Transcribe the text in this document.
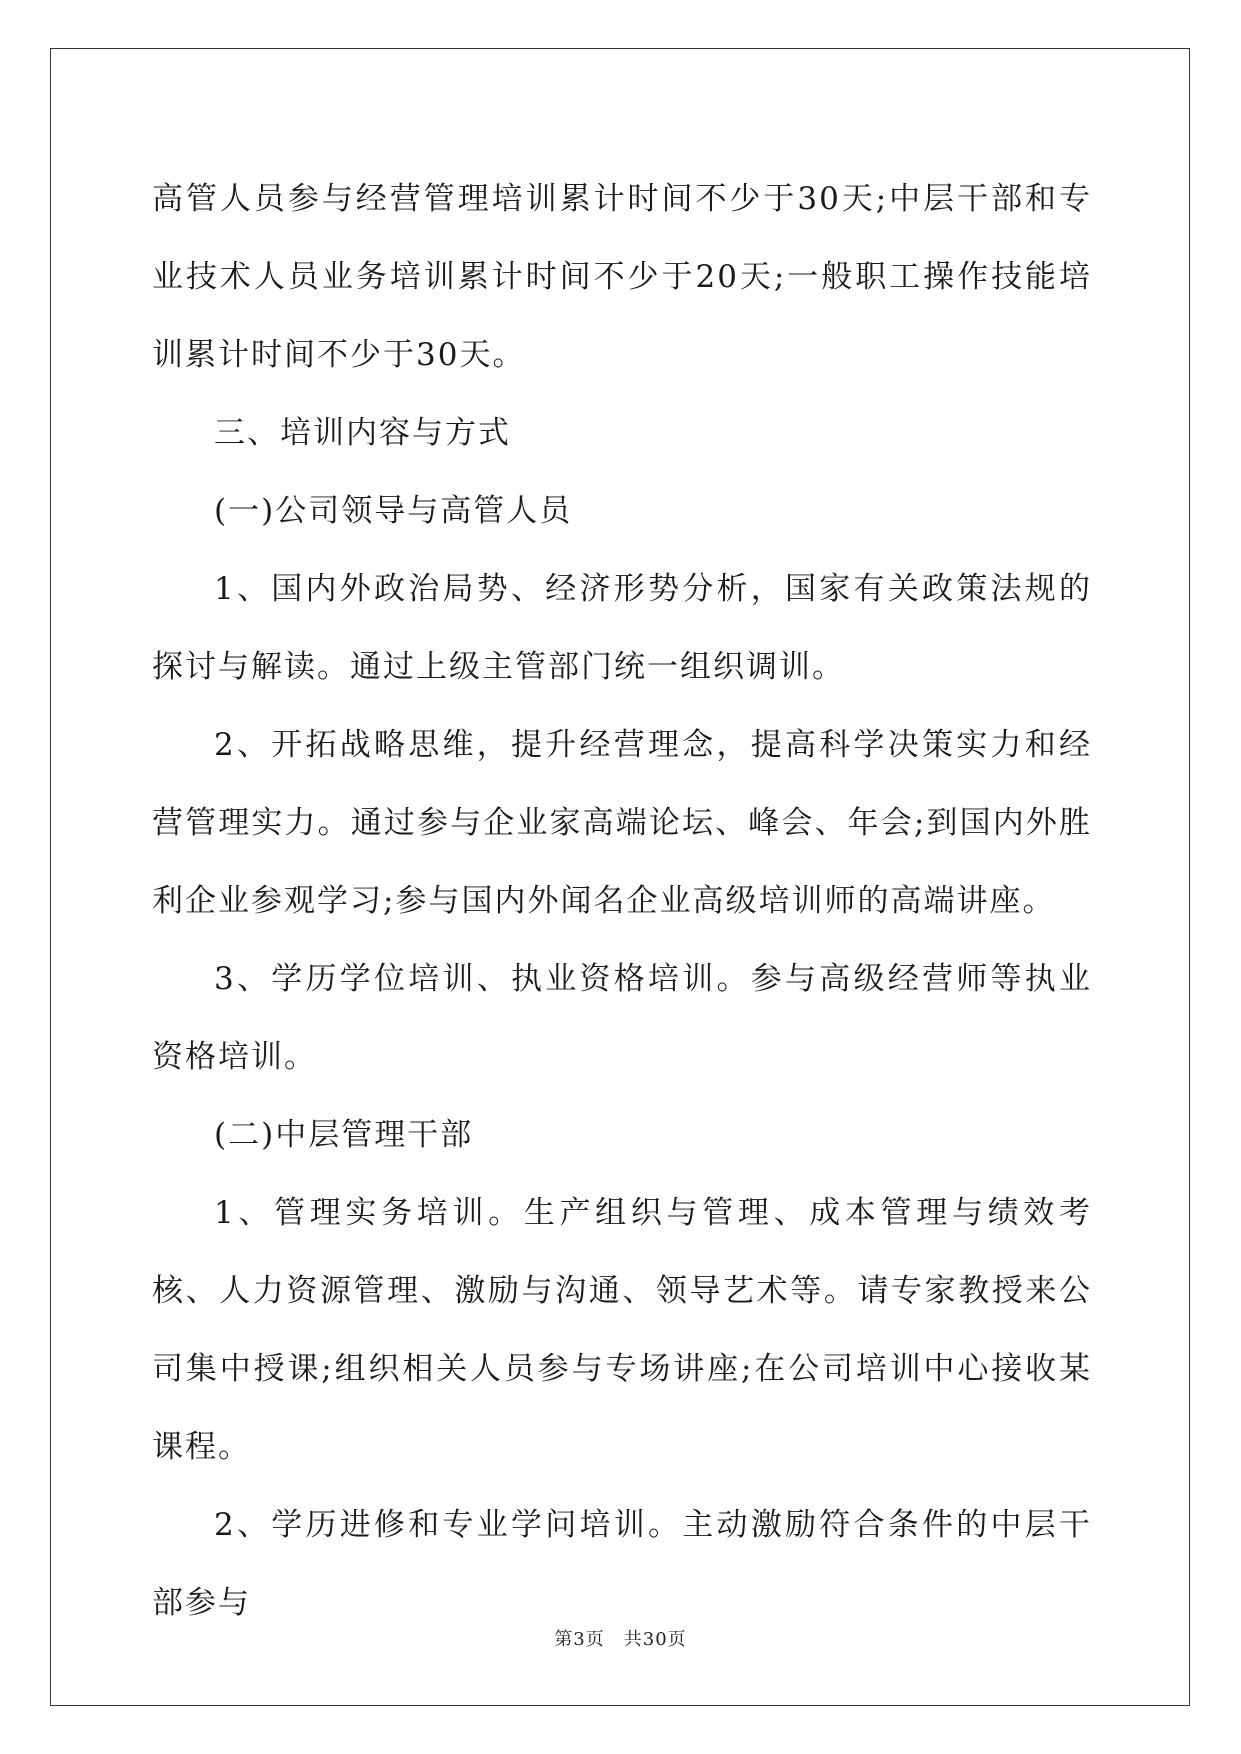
高管人员参与经营管理培训累计时间不少于30天;中层干部和专业技术人员业务培训累计时间不少于20天;一般职工操作技能培训累计时间不少于30天。

三、培训内容与方式

(一)公司领导与高管人员

1、国内外政治局势、经济形势分析，国家有关政策法规的探讨与解读。通过上级主管部门统一组织调训。

2、开拓战略思维，提升经营理念，提高科学决策实力和经营管理实力。通过参与企业家高端论坛、峰会、年会;到国内外胜利企业参观学习;参与国内外闻名企业高级培训师的高端讲座。

3、学历学位培训、执业资格培训。参与高级经营师等执业资格培训。

(二)中层管理干部

1、管理实务培训。生产组织与管理、成本管理与绩效考核、人力资源管理、激励与沟通、领导艺术等。请专家教授来公司集中授课;组织相关人员参与专场讲座;在公司培训中心接收某课程。

2、学历进修和专业学问培训。主动激励符合条件的中层干部参与

第3页　共30页
